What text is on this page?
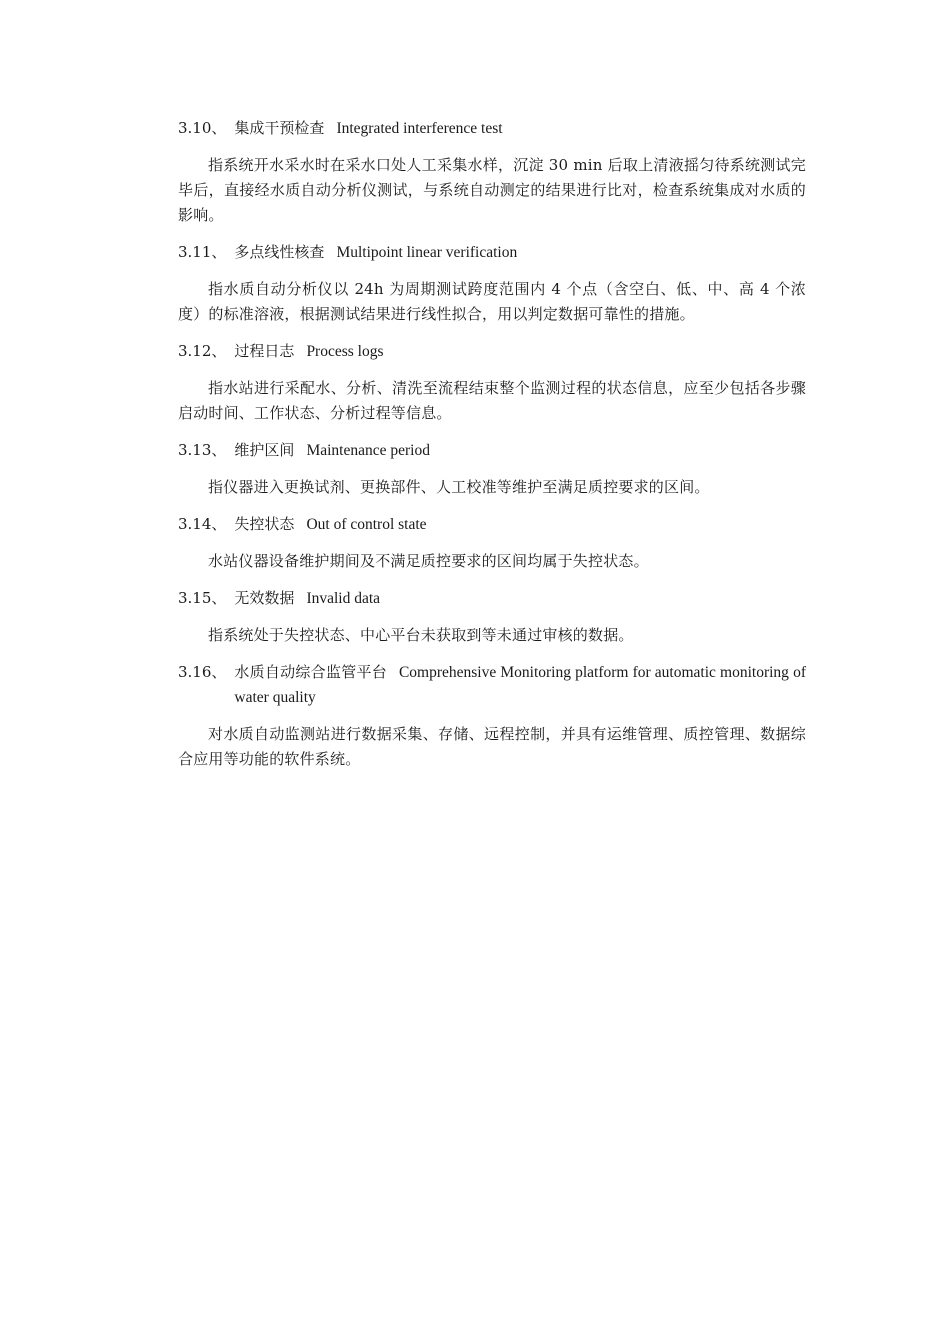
3.10 、 集成干预检查 Integrated interference test

指系统开水采水时在采水口处人工采集水样，沉淀 30 min 后取上清液摇匀待系统测试完毕后，直接经水质自动分析仪测试，与系统自动测定的结果进行比对，检查系统集成对水质的影响。

3.11 、 多点线性核查 Multipoint linear verification

指水质自动分析仪以 24h 为周期测试跨度范围内 4 个点（含空白、低、中、高 4 个浓度）的标准溶液，根据测试结果进行线性拟合，用以判定数据可靠性的措施。

3.12 、 过程日志 Process logs

指水站进行采配水、分析、清洗至流程结束整个监测过程的状态信息，应至少包括各步骤启动时间、工作状态、分析过程等信息。

3.13 、 维护区间 Maintenance period

指仪器进入更换试剂、更换部件、人工校准等维护至满足质控要求的区间。

3.14 、 失控状态 Out of control state

水站仪器设备维护期间及不满足质控要求的区间均属于失控状态。

3.15 、 无效数据 Invalid data

指系统处于失控状态、中心平台未获取到等未通过审核的数据。

3.16 、 水质自动综合监管平台 Comprehensive Monitoring platform for automatic monitoring of water quality

对水质自动监测站进行数据采集、存储、远程控制，并具有运维管理、质控管理、数据综合应用等功能的软件系统。
